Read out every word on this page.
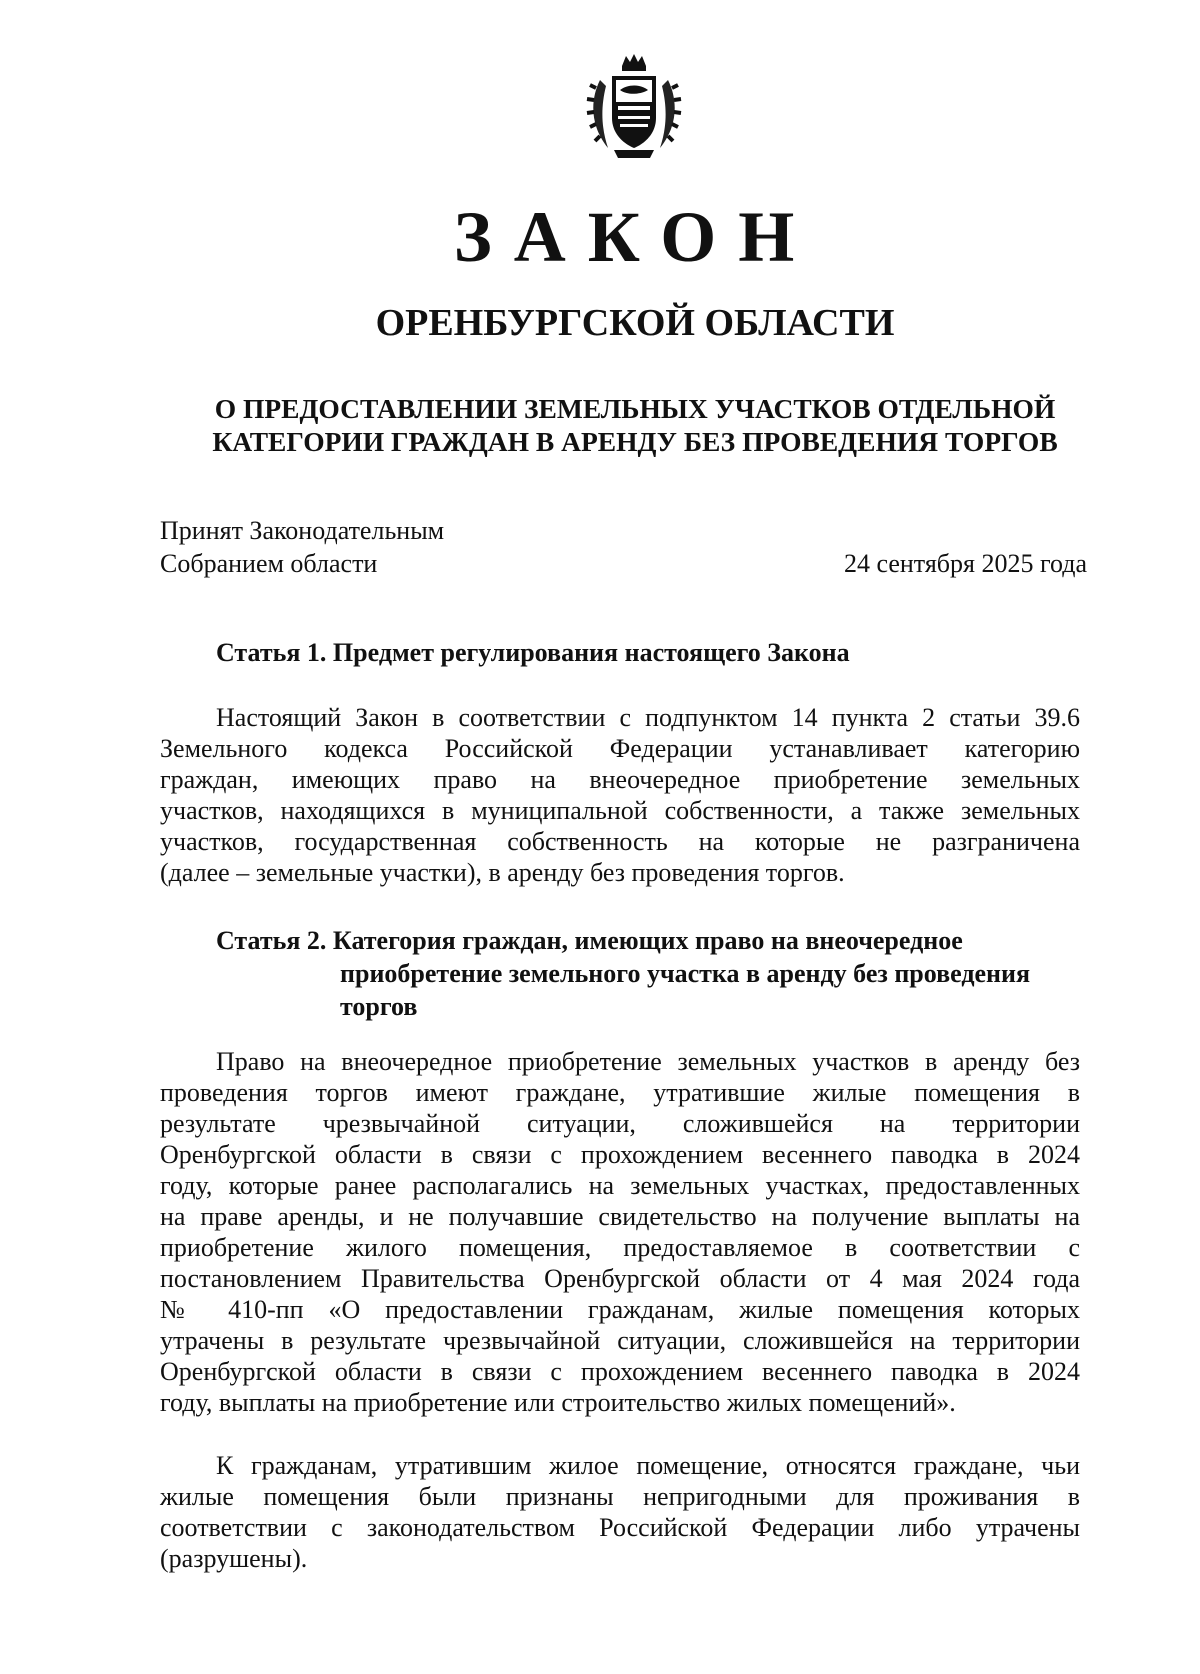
ЗАКОН
ОРЕНБУРГСКОЙ ОБЛАСТИ
О ПРЕДОСТАВЛЕНИИ ЗЕМЕЛЬНЫХ УЧАСТКОВ ОТДЕЛЬНОЙ
КАТЕГОРИИ ГРАЖДАН В АРЕНДУ БЕЗ ПРОВЕДЕНИЯ ТОРГОВ
Принят Законодательным
Собранием области	24 сентября 2025 года
Статья 1. Предмет регулирования настоящего Закона
Настоящий Закон в соответствии с подпунктом 14 пункта 2 статьи 39.6
Земельного кодекса Российской Федерации устанавливает категорию
граждан, имеющих право на внеочередное приобретение земельных
участков, находящихся в муниципальной собственности, а также земельных
участков, государственная собственность на которые не разграничена
(далее – земельные участки), в аренду без проведения торгов.
Статья 2. Категория граждан, имеющих право на внеочередное
приобретение земельного участка в аренду без проведения
торгов
Право на внеочередное приобретение земельных участков в аренду без
проведения торгов имеют граждане, утратившие жилые помещения в
результате чрезвычайной ситуации, сложившейся на территории
Оренбургской области в связи с прохождением весеннего паводка в 2024
году, которые ранее располагались на земельных участках, предоставленных
на праве аренды, и не получавшие свидетельство на получение выплаты на
приобретение жилого помещения, предоставляемое в соответствии с
постановлением Правительства Оренбургской области от 4 мая 2024 года
№ 410-пп «О предоставлении гражданам, жилые помещения которых
утрачены в результате чрезвычайной ситуации, сложившейся на территории
Оренбургской области в связи с прохождением весеннего паводка в 2024
году, выплаты на приобретение или строительство жилых помещений».
К гражданам, утратившим жилое помещение, относятся граждане, чьи
жилые помещения были признаны непригодными для проживания в
соответствии с законодательством Российской Федерации либо утрачены
(разрушены).
